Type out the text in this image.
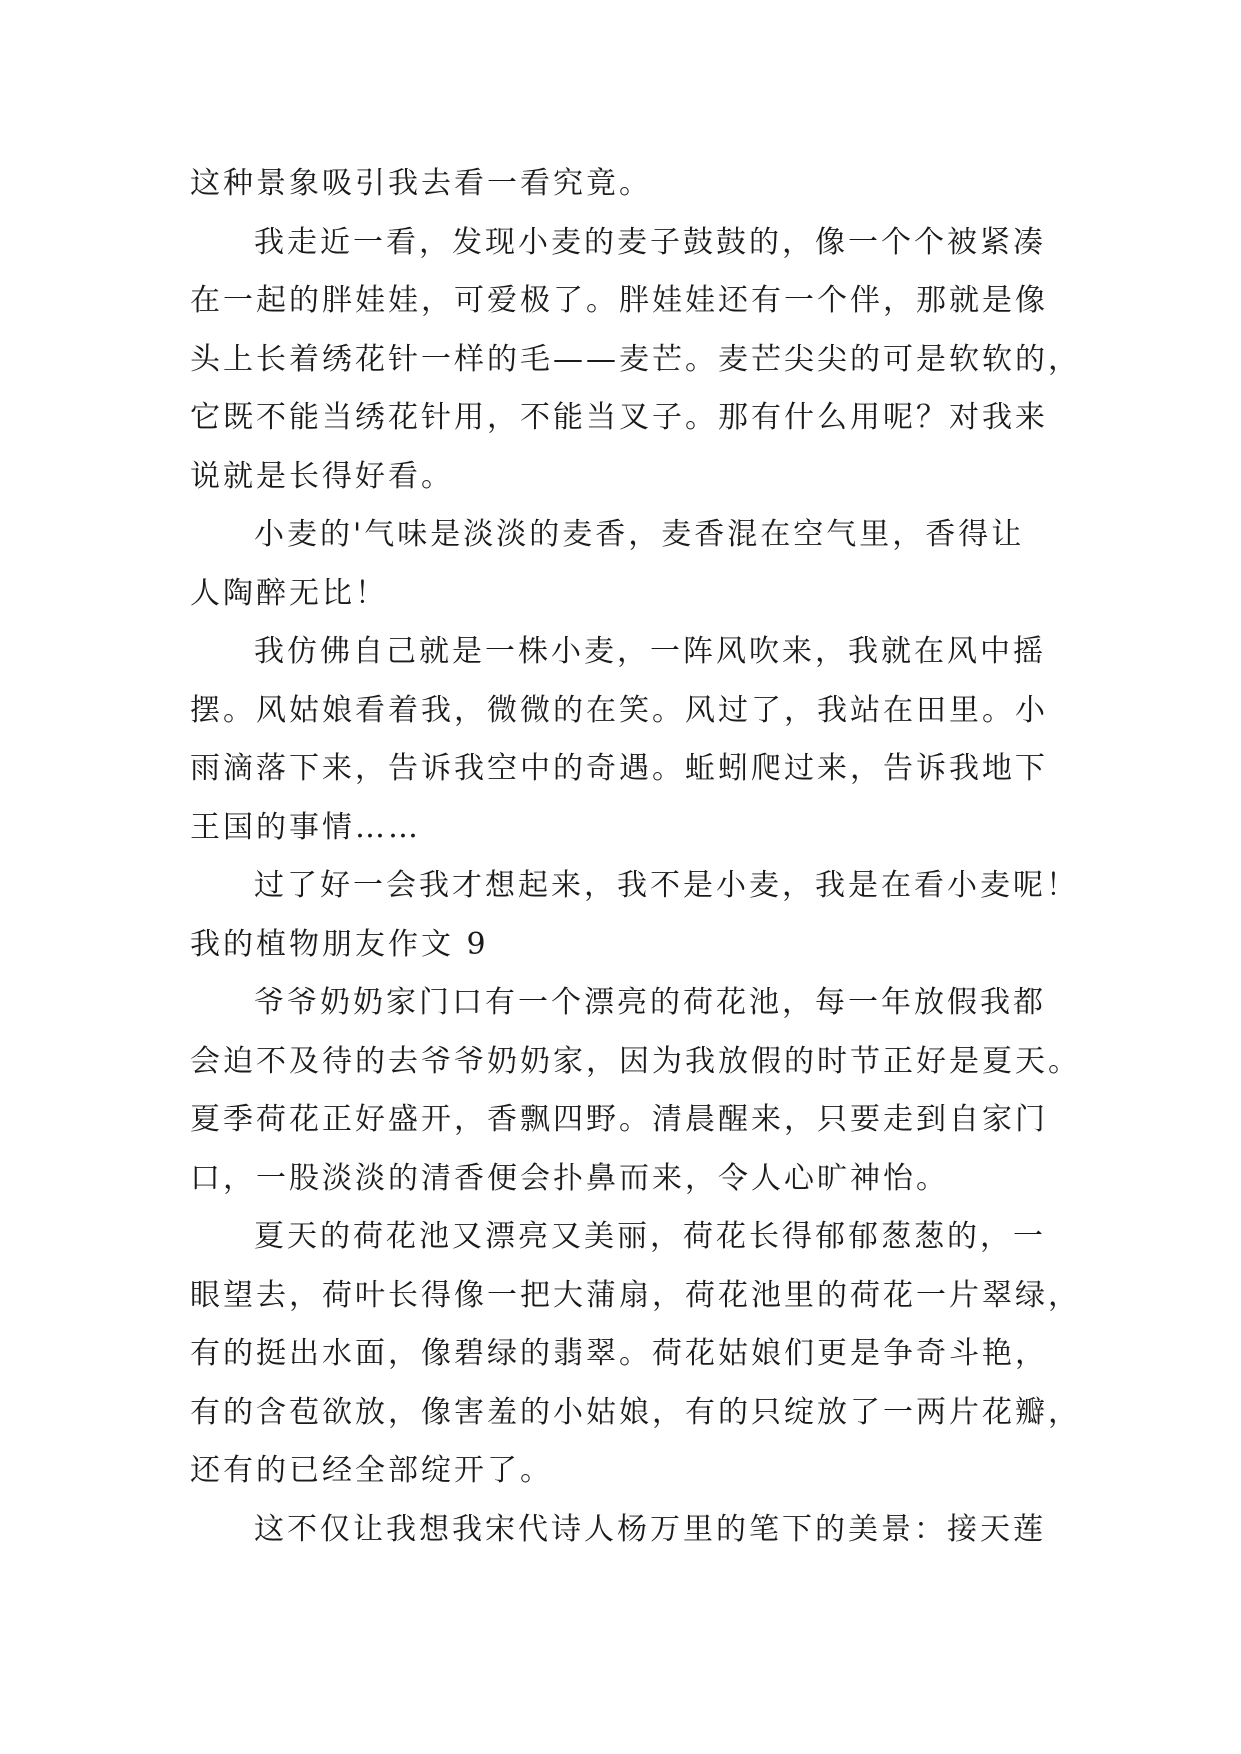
这种景象吸引我去看一看究竟。
我走近一看，发现小麦的麦子鼓鼓的，像一个个被紧凑
在一起的胖娃娃，可爱极了。胖娃娃还有一个伴，那就是像
头上长着绣花针一样的毛——麦芒。麦芒尖尖的可是软软的，
它既不能当绣花针用，不能当叉子。那有什么用呢？对我来
说就是长得好看。
小麦的'气味是淡淡的麦香，麦香混在空气里，香得让
人陶醉无比！
我仿佛自己就是一株小麦，一阵风吹来，我就在风中摇
摆。风姑娘看着我，微微的在笑。风过了，我站在田里。小
雨滴落下来，告诉我空中的奇遇。蚯蚓爬过来，告诉我地下
王国的事情……
过了好一会我才想起来，我不是小麦，我是在看小麦呢！
我的植物朋友作文 9
爷爷奶奶家门口有一个漂亮的荷花池，每一年放假我都
会迫不及待的去爷爷奶奶家，因为我放假的时节正好是夏天。
夏季荷花正好盛开，香飘四野。清晨醒来，只要走到自家门
口，一股淡淡的清香便会扑鼻而来，令人心旷神怡。
夏天的荷花池又漂亮又美丽，荷花长得郁郁葱葱的，一
眼望去，荷叶长得像一把大蒲扇，荷花池里的荷花一片翠绿，
有的挺出水面，像碧绿的翡翠。荷花姑娘们更是争奇斗艳，
有的含苞欲放，像害羞的小姑娘，有的只绽放了一两片花瓣，
还有的已经全部绽开了。
这不仅让我想我宋代诗人杨万里的笔下的美景：接天莲
